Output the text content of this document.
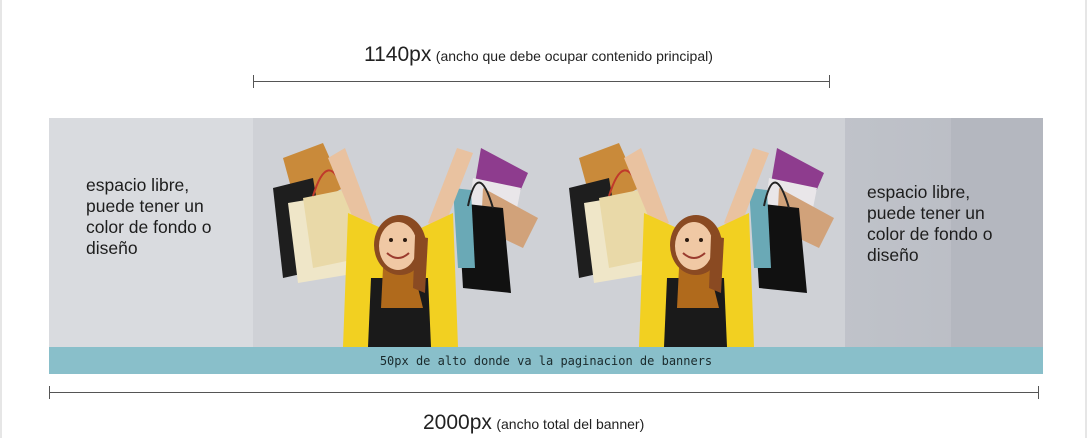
1140px (ancho que debe ocupar contenido principal)
espacio libre,
puede tener un
color de fondo o
diseño
espacio libre,
puede tener un
color de fondo o
diseño
50px de alto donde va la paginacion de banners
2000px (ancho total del banner)
